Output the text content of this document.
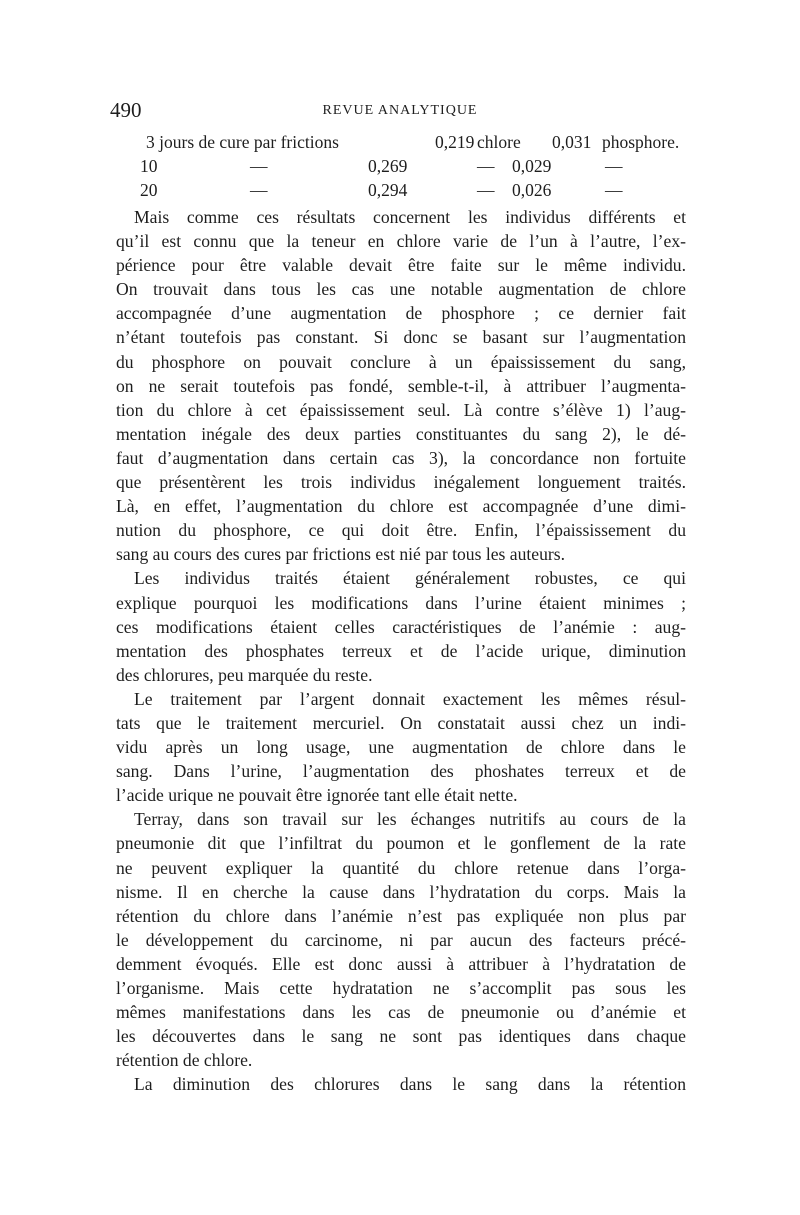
490	REVUE ANALYTIQUE
3 jours de cure par frictions	0,219 chlore 0,031 phosphore.
10	—	0,269	— 0,029	—
20	—	0,294	— 0,026	—
Mais comme ces résultats concernent les individus différents et
qu’il est connu que la teneur en chlore varie de l’un à l’autre, l’ex-
périence pour être valable devait être faite sur le même individu.
On trouvait dans tous les cas une notable augmentation de chlore
accompagnée d’une augmentation de phosphore ; ce dernier fait
n’étant toutefois pas constant. Si donc se basant sur l’augmentation
du phosphore on pouvait conclure à un épaississement du sang,
on ne serait toutefois pas fondé, semble-t-il, à attribuer l’augmenta-
tion du chlore à cet épaississement seul. Là contre s’élève 1) l’aug-
mentation inégale des deux parties constituantes du sang 2), le dé-
faut d’augmentation dans certain cas 3), la concordance non fortuite
que présentèrent les trois individus inégalement longuement traités.
Là, en effet, l’augmentation du chlore est accompagnée d’une dimi-
nution du phosphore, ce qui doit être. Enfin, l’épaississement du
sang au cours des cures par frictions est nié par tous les auteurs.
Les individus traités étaient généralement robustes, ce qui
explique pourquoi les modifications dans l’urine étaient minimes ;
ces modifications étaient celles caractéristiques de l’anémie : aug-
mentation des phosphates terreux et de l’acide urique, diminution
des chlorures, peu marquée du reste.
Le traitement par l’argent donnait exactement les mêmes résul-
tats que le traitement mercuriel. On constatait aussi chez un indi-
vidu après un long usage, une augmentation de chlore dans le
sang. Dans l’urine, l’augmentation des phoshates terreux et de
l’acide urique ne pouvait être ignorée tant elle était nette.
Terray, dans son travail sur les échanges nutritifs au cours de la
pneumonie dit que l’infiltrat du poumon et le gonflement de la rate
ne peuvent expliquer la quantité du chlore retenue dans l’orga-
nisme. Il en cherche la cause dans l’hydratation du corps. Mais la
rétention du chlore dans l’anémie n’est pas expliquée non plus par
le développement du carcinome, ni par aucun des facteurs précé-
demment évoqués. Elle est donc aussi à attribuer à l’hydratation de
l’organisme. Mais cette hydratation ne s’accomplit pas sous les
mêmes manifestations dans les cas de pneumonie ou d’anémie et
les découvertes dans le sang ne sont pas identiques dans chaque
rétention de chlore.
La diminution des chlorures dans le sang dans la rétention
